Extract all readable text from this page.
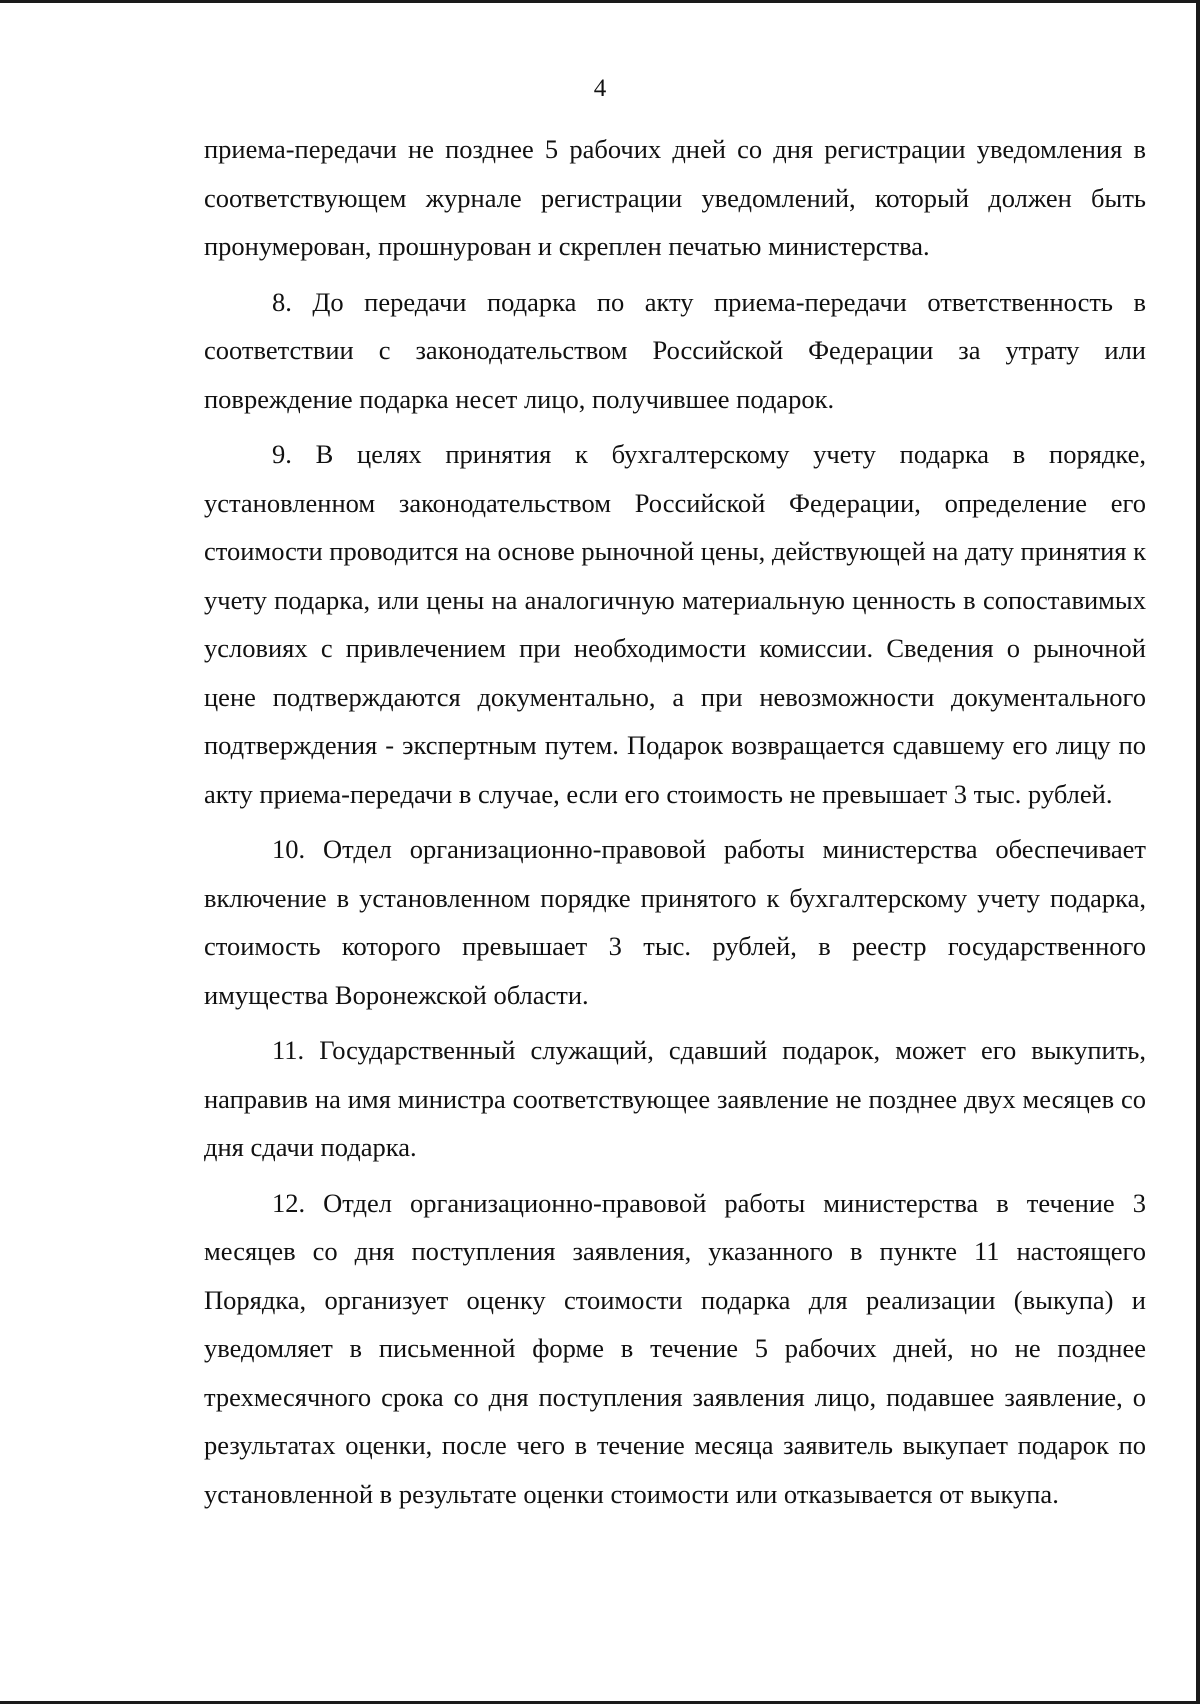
4

приема-передачи не позднее 5 рабочих дней со дня регистрации уведомления в соответствующем журнале регистрации уведомлений, который должен быть пронумерован, прошнурован и скреплен печатью министерства.

8. До передачи подарка по акту приема-передачи ответственность в соответствии с законодательством Российской Федерации за утрату или повреждение подарка несет лицо, получившее подарок.

9. В целях принятия к бухгалтерскому учету подарка в порядке, установленном законодательством Российской Федерации, определение его стоимости проводится на основе рыночной цены, действующей на дату принятия к учету подарка, или цены на аналогичную материальную ценность в сопоставимых условиях с привлечением при необходимости комиссии. Сведения о рыночной цене подтверждаются документально, а при невозможности документального подтверждения - экспертным путем. Подарок возвращается сдавшему его лицу по акту приема-передачи в случае, если его стоимость не превышает 3 тыс. рублей.

10. Отдел организационно-правовой работы министерства обеспечивает включение в установленном порядке принятого к бухгалтерскому учету подарка, стоимость которого превышает 3 тыс. рублей, в реестр государственного имущества Воронежской области.

11. Государственный служащий, сдавший подарок, может его выкупить, направив на имя министра соответствующее заявление не позднее двух месяцев со дня сдачи подарка.

12. Отдел организационно-правовой работы министерства в течение 3 месяцев со дня поступления заявления, указанного в пункте 11 настоящего Порядка, организует оценку стоимости подарка для реализации (выкупа) и уведомляет в письменной форме в течение 5 рабочих дней, но не позднее трехмесячного срока со дня поступления заявления лицо, подавшее заявление, о результатах оценки, после чего в течение месяца заявитель выкупает подарок по установленной в результате оценки стоимости или отказывается от выкупа.
